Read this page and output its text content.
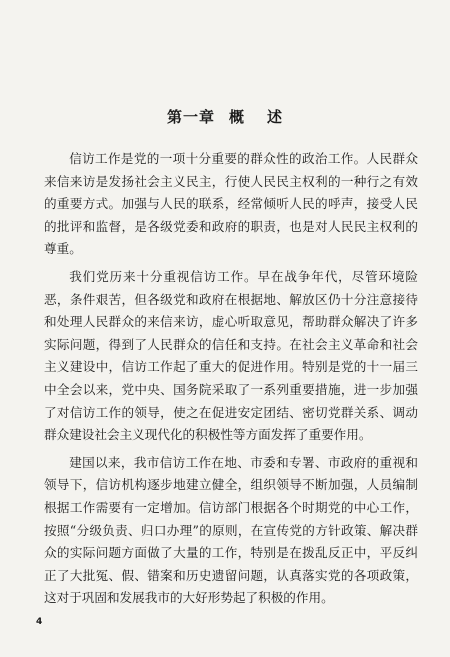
第一章 概 述

信访工作是党的一项十分重要的群众性的政治工作。人民群众来信来访是发扬社会主义民主，行使人民民主权利的一种行之有效的重要方式。加强与人民的联系，经常倾听人民的呼声，接受人民的批评和监督，是各级党委和政府的职责，也是对人民民主权利的尊重。

我们党历来十分重视信访工作。早在战争年代，尽管环境险恶，条件艰苦，但各级党和政府在根据地、解放区仍十分注意接待和处理人民群众的来信来访，虚心听取意见，帮助群众解决了许多实际问题，得到了人民群众的信任和支持。在社会主义革命和社会主义建设中，信访工作起了重大的促进作用。特别是党的十一届三中全会以来，党中央、国务院采取了一系列重要措施，进一步加强了对信访工作的领导，使之在促进安定团结、密切党群关系、调动群众建设社会主义现代化的积极性等方面发挥了重要作用。

建国以来，我市信访工作在地、市委和专署、市政府的重视和领导下，信访机构逐步地建立健全，组织领导不断加强，人员编制根据工作需要有一定增加。信访部门根据各个时期党的中心工作，按照“分级负责、归口办理”的原则，在宣传党的方针政策、解决群众的实际问题方面做了大量的工作，特别是在拨乱反正中，平反纠正了大批冤、假、错案和历史遗留问题，认真落实党的各项政策，这对于巩固和发展我市的大好形势起了积极的作用。

4
